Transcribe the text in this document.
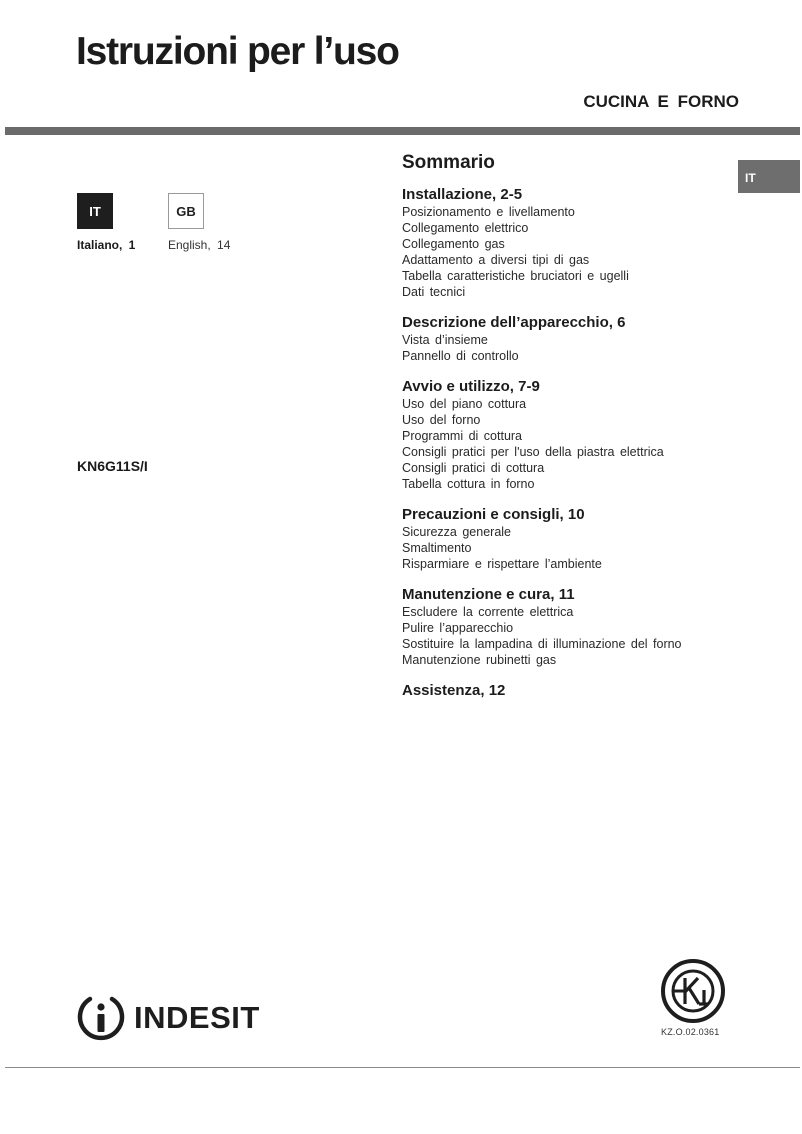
Istruzioni per l’uso
CUCINA E FORNO
IT	GB
Italiano, 1	English, 14
KN6G11S/I
IT
Sommario
Installazione, 2-5
Posizionamento e livellamento
Collegamento elettrico
Collegamento gas
Adattamento a diversi tipi di gas
Tabella caratteristiche bruciatori e ugelli
Dati tecnici
Descrizione dell’apparecchio, 6
Vista d’insieme
Pannello di controllo
Avvio e utilizzo, 7-9
Uso del piano cottura
Uso del forno
Programmi di cottura
Consigli pratici per l'uso della piastra elettrica
Consigli pratici di cottura
Tabella cottura in forno
Precauzioni e consigli, 10
Sicurezza generale
Smaltimento
Risparmiare e rispettare l’ambiente
Manutenzione e cura, 11
Escludere la corrente elettrica
Pulire l’apparecchio
Sostituire la lampadina di illuminazione del forno
Manutenzione rubinetti gas
Assistenza, 12
INDESIT	KZ.O.02.0361
